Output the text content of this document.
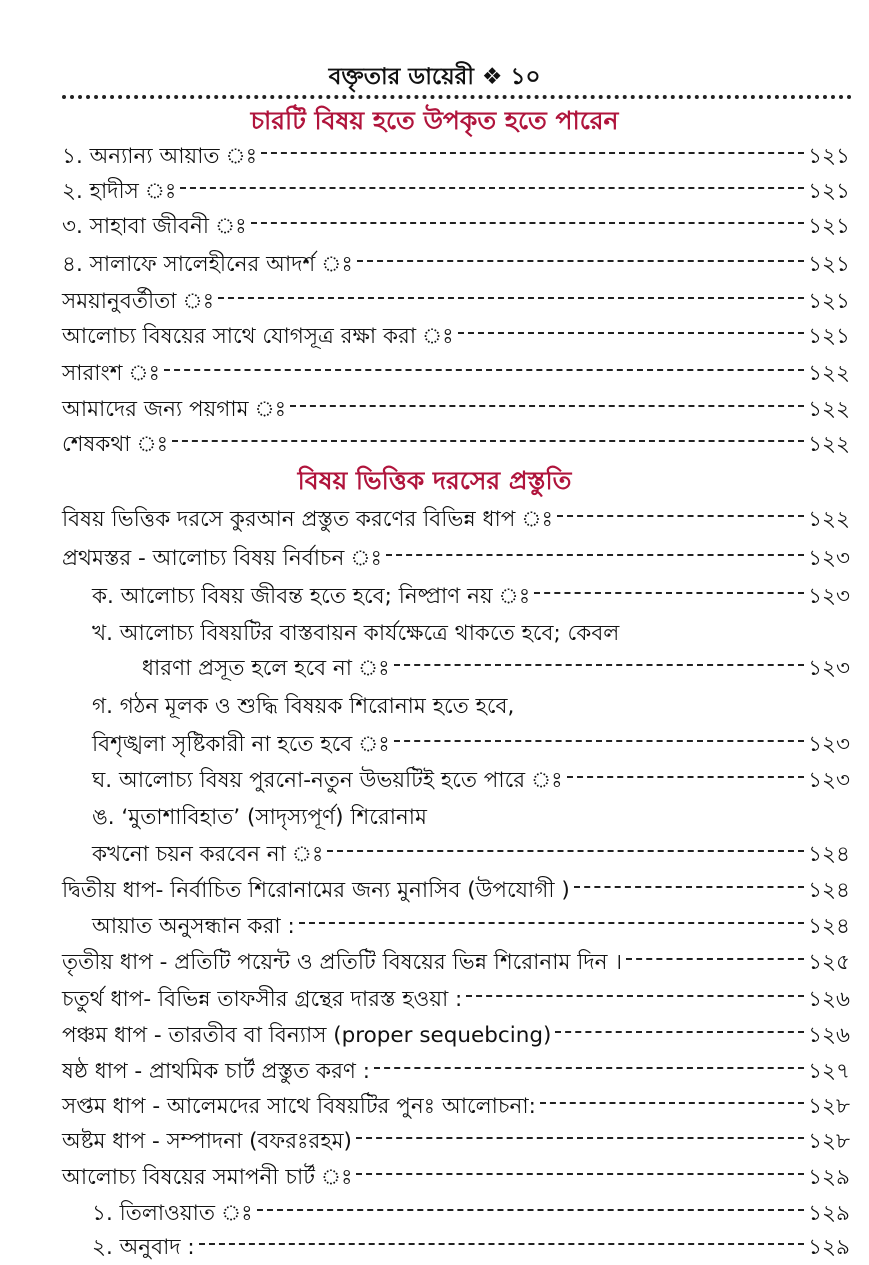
বক্তৃতার ডায়েরী ❖ ১০
চারটি বিষয় হতে উপকৃত হতে পারেন
১. অন্যান্য আয়াত ঃ	১২১
২. হাদীস ঃ	১২১
৩. সাহাবা জীবনী ঃ	১২১
৪. সালাফে সালেহীনের আদর্শ ঃ	১২১
সময়ানুবর্তীতা ঃ	১২১
আলোচ্য বিষয়ের সাথে যোগসূত্র রক্ষা করা ঃ	১২১
সারাংশ ঃ	১২২
আমাদের জন্য পয়গাম ঃ	১২২
শেষকথা ঃ	১২২
বিষয় ভিত্তিক দরসের প্রস্তুতি
বিষয় ভিত্তিক দরসে কুরআন প্রস্তুত করণের বিভিন্ন ধাপ ঃ	১২২
প্রথমস্তর - আলোচ্য বিষয় নির্বাচন ঃ	১২৩
ক. আলোচ্য বিষয় জীবন্ত হতে হবে; নিষ্প্রাণ নয় ঃ	১২৩
খ. আলোচ্য বিষয়টির বাস্তবায়ন কার্যক্ষেত্রে থাকতে হবে; কেবল
ধারণা প্রসূত হলে হবে না ঃ	১২৩
গ. গঠন মূলক ও শুদ্ধি বিষয়ক শিরোনাম হতে হবে,
বিশৃঙ্খলা সৃষ্টিকারী না হতে হবে ঃ	১২৩
ঘ. আলোচ্য বিষয় পুরনো-নতুন উভয়টিই হতে পারে ঃ	১২৩
ঙ. ‘মুতাশাবিহাত’ (সাদৃস্যপূর্ণ) শিরোনাম
কখনো চয়ন করবেন না ঃ	১২৪
দ্বিতীয় ধাপ- নির্বাচিত শিরোনামের জন্য মুনাসিব (উপযোগী )	১২৪
আয়াত অনুসন্ধান করা :	১২৪
তৃতীয় ধাপ - প্রতিটি পয়েন্ট ও প্রতিটি বিষয়ের ভিন্ন শিরোনাম দিন ।	১২৫
চতুর্থ ধাপ- বিভিন্ন তাফসীর গ্রন্থের দারস্ত হওয়া :	১২৬
পঞ্চম ধাপ - তারতীব বা বিন্যাস (proper sequebcing)	১২৬
ষষ্ঠ ধাপ - প্রাথমিক চার্ট প্রস্তুত করণ :	১২৭
সপ্তম ধাপ - আলেমদের সাথে বিষয়টির পুনঃ আলোচনা:	১২৮
অষ্টম ধাপ - সম্পাদনা (বফরঃরহম)	১২৮
আলোচ্য বিষয়ের সমাপনী চার্ট ঃ	১২৯
১. তিলাওয়াত ঃ	১২৯
২. অনুবাদ :	১২৯
